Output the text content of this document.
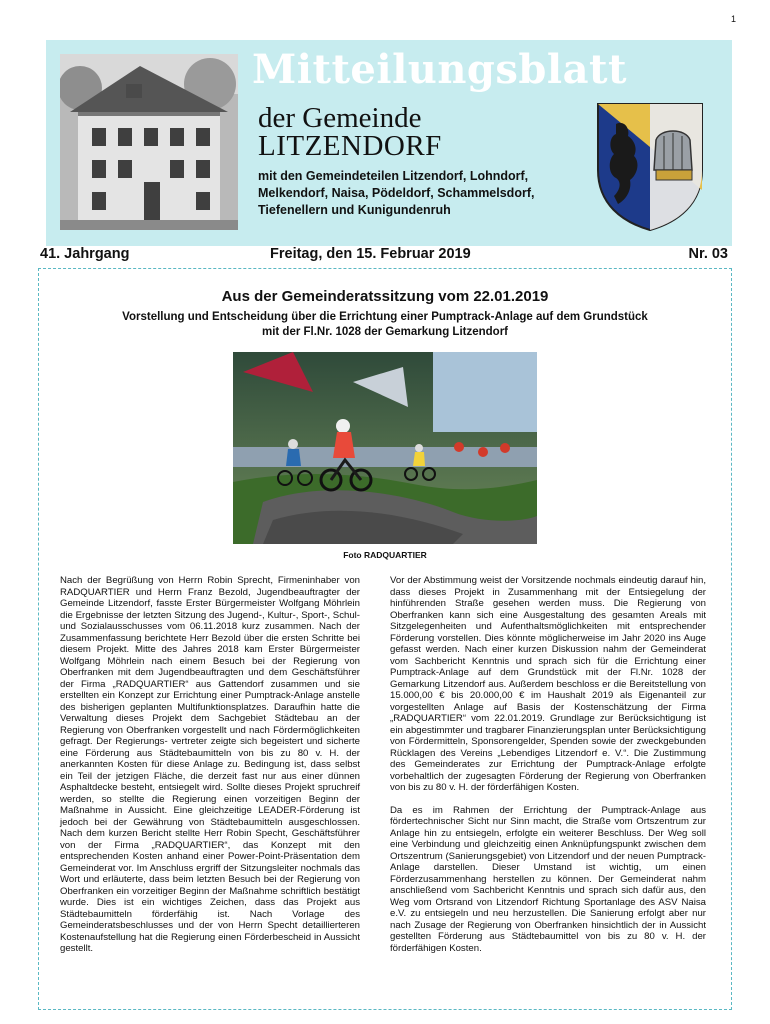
1
Mitteilungsblatt
der Gemeinde
LITZENDORF
mit den Gemeindeteilen Litzendorf, Lohndorf, Melkendorf, Naisa, Pödeldorf, Schammelsdorf, Tiefenellern und Kunigundenruh
41. Jahrgang	Freitag, den 15. Februar 2019	Nr. 03
Aus der Gemeinderatssitzung vom 22.01.2019
Vorstellung und Entscheidung über die Errichtung einer Pumptrack-Anlage auf dem Grundstück mit der Fl.Nr. 1028 der Gemarkung Litzendorf
Foto RADQUARTIER

Nach der Begrüßung von Herrn Robin Sprecht, Firmeninhaber von RADQUARTIER und Herrn Franz Bezold, Jugendbeauftragter der Gemeinde Litzendorf, fasste Erster Bürgermeister Wolfgang Möhrlein die Ergebnisse der letzten Sitzung des Jugend-, Kultur-, Sport-, Schul- und Sozialausschusses vom 06.11.2018 kurz zusammen. Nach der Zusammenfassung berichtete Herr Bezold über die ersten Schritte bei diesem Projekt. Mitte des Jahres 2018 kam Erster Bürgermeister Wolfgang Möhrlein nach einem Besuch bei der Regierung von Oberfranken mit dem Jugendbeauftragten und dem Geschäftsführer der Firma „RADQUARTIER“ aus Gattendorf zusammen und sie erstellten ein Konzept zur Errichtung einer Pumptrack-Anlage anstelle des bisherigen geplanten Multifunktionsplatzes. Daraufhin hatte die Verwaltung dieses Projekt dem Sachgebiet Städtebau an der Regierung von Oberfranken vorgestellt und nach Fördermöglichkeiten gefragt. Der Regierungs- vertreter zeigte sich begeistert und sicherte eine Förderung aus Städtebaumitteln von bis zu 80 v. H. der anerkannten Kosten für diese Anlage zu. Bedingung ist, dass selbst ein Teil der jetzigen Fläche, die derzeit fast nur aus einer dünnen Asphaltdecke besteht, entsiegelt wird. Sollte dieses Projekt spruchreif werden, so stellte die Regierung einen vorzeitigen Beginn der Maßnahme in Aussicht. Eine gleichzeitige LEADER-Förderung ist jedoch bei der Gewährung von Städtebaumitteln ausgeschlossen. Nach dem kurzen Bericht stellte Herr Robin Specht, Geschäftsführer von der Firma „RADQUARTIER“, das Konzept mit den entsprechenden Kosten anhand einer Power-Point-Präsentation dem Gemeinderat vor. Im Anschluss ergriff der Sitzungsleiter nochmals das Wort und erläuterte, dass beim letzten Besuch bei der Regierung von Oberfranken ein vorzeitiger Beginn der Maßnahme schriftlich bestätigt wurde. Dies ist ein wichtiges Zeichen, dass das Projekt aus Städtebaumitteln förderfähig ist. Nach Vorlage des Gemeinderatsbeschlusses und der von Herrn Specht detaillierteren Kostenaufstellung hat die Regierung einen Förderbescheid in Aussicht gestellt.

Vor der Abstimmung weist der Vorsitzende nochmals eindeutig darauf hin, dass dieses Projekt in Zusammenhang mit der Entsiegelung der hinführenden Straße gesehen werden muss. Die Regierung von Oberfranken kann sich eine Ausgestaltung des gesamten Areals mit Sitzgelegenheiten und Aufenthaltsmöglichkeiten mit entsprechender Förderung vorstellen. Dies könnte möglicherweise im Jahr 2020 ins Auge gefasst werden. Nach einer kurzen Diskussion nahm der Gemeinderat vom Sachbericht Kenntnis und sprach sich für die Errichtung einer Pumptrack-Anlage auf dem Grundstück mit der Fl.Nr. 1028 der Gemarkung Litzendorf aus. Außerdem beschloss er die Bereitstellung von 15.000,00 € bis 20.000,00 € im Haushalt 2019 als Eigenanteil zur vorgestellten Anlage auf Basis der Kostenschätzung der Firma „RADQUARTIER“ vom 22.01.2019. Grundlage zur Berücksichtigung ist ein abgestimmter und tragbarer Finanzierungsplan unter Berücksichtigung von Fördermitteln, Sponsorengelder, Spenden sowie der zweckgebunden Rücklagen des Vereins „Lebendiges Litzendorf e. V.“. Die Zustimmung des Gemeinderates zur Errichtung der Pumptrack-Anlage erfolgte vorbehaltlich der zugesagten Förderung der Regierung von Oberfranken von bis zu 80 v. H. der förderfähigen Kosten.

Da es im Rahmen der Errichtung der Pumptrack-Anlage aus fördertechnischer Sicht nur Sinn macht, die Straße vom Ortszentrum zur Anlage hin zu entsiegeln, erfolgte ein weiterer Beschluss. Der Weg soll eine Verbindung und gleichzeitig einen Anknüpfungspunkt zwischen dem Ortszentrum (Sanierungsgebiet) von Litzendorf und der neuen Pumptrack-Anlage darstellen. Dieser Umstand ist wichtig, um einen Förderzusammenhang herstellen zu können. Der Gemeinderat nahm anschließend vom Sachbericht Kenntnis und sprach sich dafür aus, den Weg vom Ortsrand von Litzendorf Richtung Sportanlage des ASV Naisa e.V. zu entsiegeln und neu herzustellen. Die Sanierung erfolgt aber nur nach Zusage der Regierung von Oberfranken hinsichtlich der in Aussicht gestellten Förderung aus Städtebaumittel von bis zu 80 v. H. der förderfähigen Kosten.
